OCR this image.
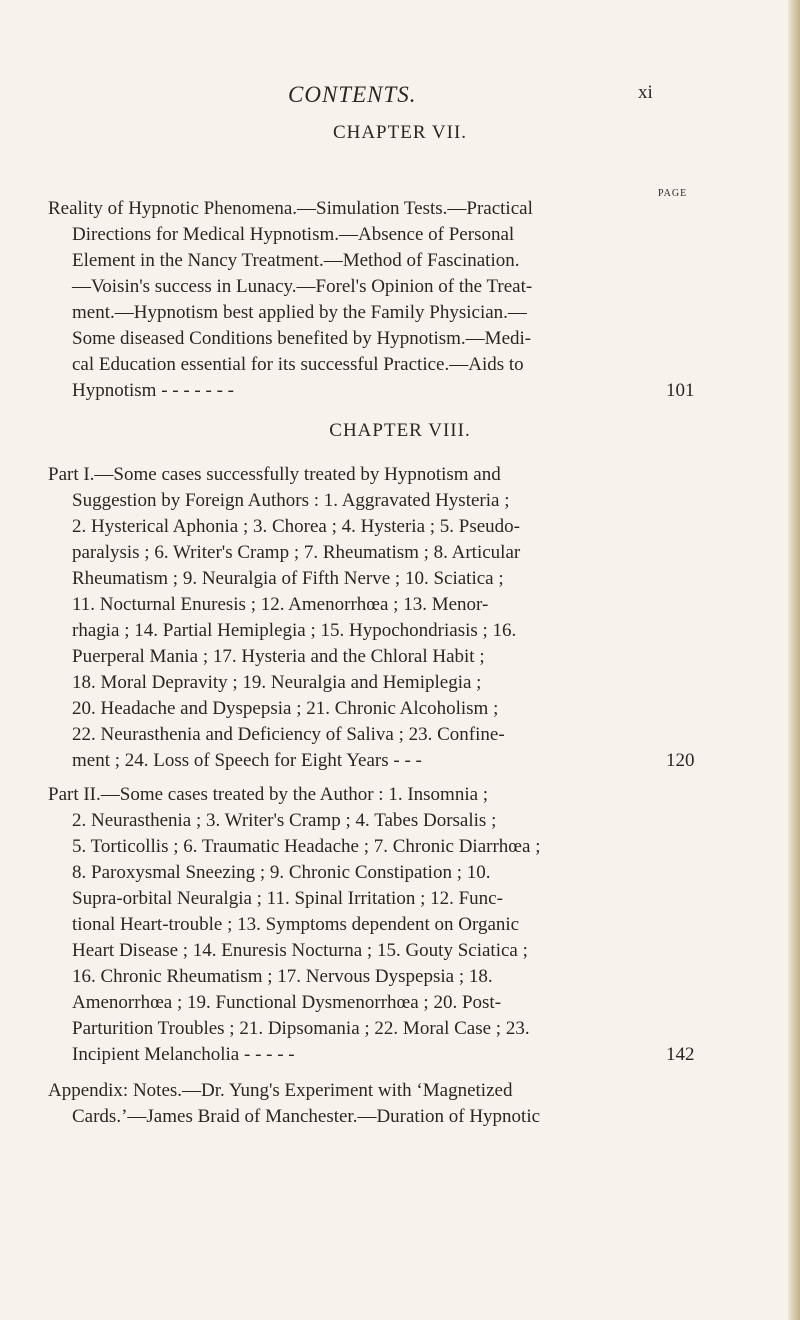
CONTENTS.	xi
CHAPTER VII.
PAGE
Reality of Hypnotic Phenomena.—Simulation Tests.—Practical
Directions for Medical Hypnotism.—Absence of Personal
Element in the Nancy Treatment.—Method of Fascination.
—Voisin's success in Lunacy.—Forel's Opinion of the Treat-
ment.—Hypnotism best applied by the Family Physician.—
Some diseased Conditions benefited by Hypnotism.—Medi-
cal Education essential for its successful Practice.—Aids to
Hypnotism - - - - - - -	101
CHAPTER VIII.
Part I.—Some cases successfully treated by Hypnotism and
Suggestion by Foreign Authors : 1. Aggravated Hysteria ;
2. Hysterical Aphonia ; 3. Chorea ; 4. Hysteria ; 5. Pseudo-
paralysis ; 6. Writer's Cramp ; 7. Rheumatism ; 8. Articular
Rheumatism ; 9. Neuralgia of Fifth Nerve ; 10. Sciatica ;
11. Nocturnal Enuresis ; 12. Amenorrhœa ; 13. Menor-
rhagia ; 14. Partial Hemiplegia ; 15. Hypochondriasis ; 16.
Puerperal Mania ; 17. Hysteria and the Chloral Habit ;
18. Moral Depravity ; 19. Neuralgia and Hemiplegia ;
20. Headache and Dyspepsia ; 21. Chronic Alcoholism ;
22. Neurasthenia and Deficiency of Saliva ; 23. Confine-
ment ; 24. Loss of Speech for Eight Years - - -	120
Part II.—Some cases treated by the Author : 1. Insomnia ;
2. Neurasthenia ; 3. Writer's Cramp ; 4. Tabes Dorsalis ;
5. Torticollis ; 6. Traumatic Headache ; 7. Chronic Diarrhœa ;
8. Paroxysmal Sneezing ; 9. Chronic Constipation ; 10.
Supra-orbital Neuralgia ; 11. Spinal Irritation ; 12. Func-
tional Heart-trouble ; 13. Symptoms dependent on Organic
Heart Disease ; 14. Enuresis Nocturna ; 15. Gouty Sciatica ;
16. Chronic Rheumatism ; 17. Nervous Dyspepsia ; 18.
Amenorrhœa ; 19. Functional Dysmenorrhœa ; 20. Post-
Parturition Troubles ; 21. Dipsomania ; 22. Moral Case ; 23.
Incipient Melancholia - - - - -	142
Appendix: Notes.—Dr. Yung's Experiment with ‘Magnetized
Cards.’—James Braid of Manchester.—Duration of Hypnotic
